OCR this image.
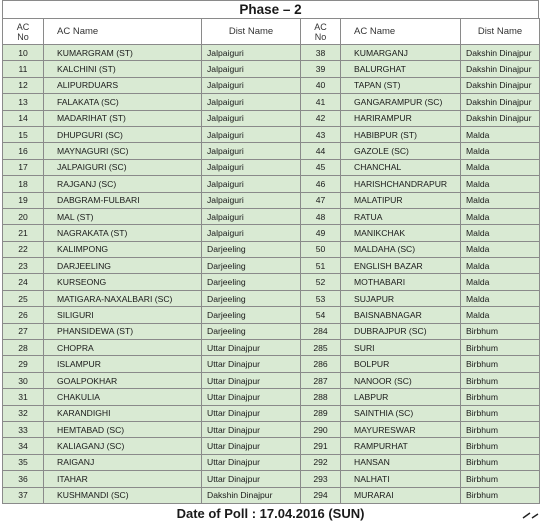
Phase – 2
AC
No	AC Name	Dist Name	AC
No	AC Name	Dist Name
10	KUMARGRAM (ST)	Jalpaiguri	38	KUMARGANJ	Dakshin Dinajpur
11	KALCHINI (ST)	Jalpaiguri	39	BALURGHAT	Dakshin Dinajpur
12	ALIPURDUARS	Jalpaiguri	40	TAPAN (ST)	Dakshin Dinajpur
13	FALAKATA (SC)	Jalpaiguri	41	GANGARAMPUR (SC)	Dakshin Dinajpur
14	MADARIHAT (ST)	Jalpaiguri	42	HARIRAMPUR	Dakshin Dinajpur
15	DHUPGURI (SC)	Jalpaiguri	43	HABIBPUR (ST)	Malda
16	MAYNAGURI (SC)	Jalpaiguri	44	GAZOLE (SC)	Malda
17	JALPAIGURI (SC)	Jalpaiguri	45	CHANCHAL	Malda
18	RAJGANJ (SC)	Jalpaiguri	46	HARISHCHANDRAPUR	Malda
19	DABGRAM-FULBARI	Jalpaiguri	47	MALATIPUR	Malda
20	MAL (ST)	Jalpaiguri	48	RATUA	Malda
21	NAGRAKATA (ST)	Jalpaiguri	49	MANIKCHAK	Malda
22	KALIMPONG	Darjeeling	50	MALDAHA (SC)	Malda
23	DARJEELING	Darjeeling	51	ENGLISH BAZAR	Malda
24	KURSEONG	Darjeeling	52	MOTHABARI	Malda
25	MATIGARA-NAXALBARI (SC)	Darjeeling	53	SUJAPUR	Malda
26	SILIGURI	Darjeeling	54	BAISNABNAGAR	Malda
27	PHANSIDEWA (ST)	Darjeeling	284	DUBRAJPUR (SC)	Birbhum
28	CHOPRA	Uttar Dinajpur	285	SURI	Birbhum
29	ISLAMPUR	Uttar Dinajpur	286	BOLPUR	Birbhum
30	GOALPOKHAR	Uttar Dinajpur	287	NANOOR (SC)	Birbhum
31	CHAKULIA	Uttar Dinajpur	288	LABPUR	Birbhum
32	KARANDIGHI	Uttar Dinajpur	289	SAINTHIA (SC)	Birbhum
33	HEMTABAD (SC)	Uttar Dinajpur	290	MAYURESWAR	Birbhum
34	KALIAGANJ (SC)	Uttar Dinajpur	291	RAMPURHAT	Birbhum
35	RAIGANJ	Uttar Dinajpur	292	HANSAN	Birbhum
36	ITAHAR	Uttar Dinajpur	293	NALHATI	Birbhum
37	KUSHMANDI (SC)	Dakshin Dinajpur	294	MURARAI	Birbhum
Date of Poll : 17.04.2016 (SUN)
